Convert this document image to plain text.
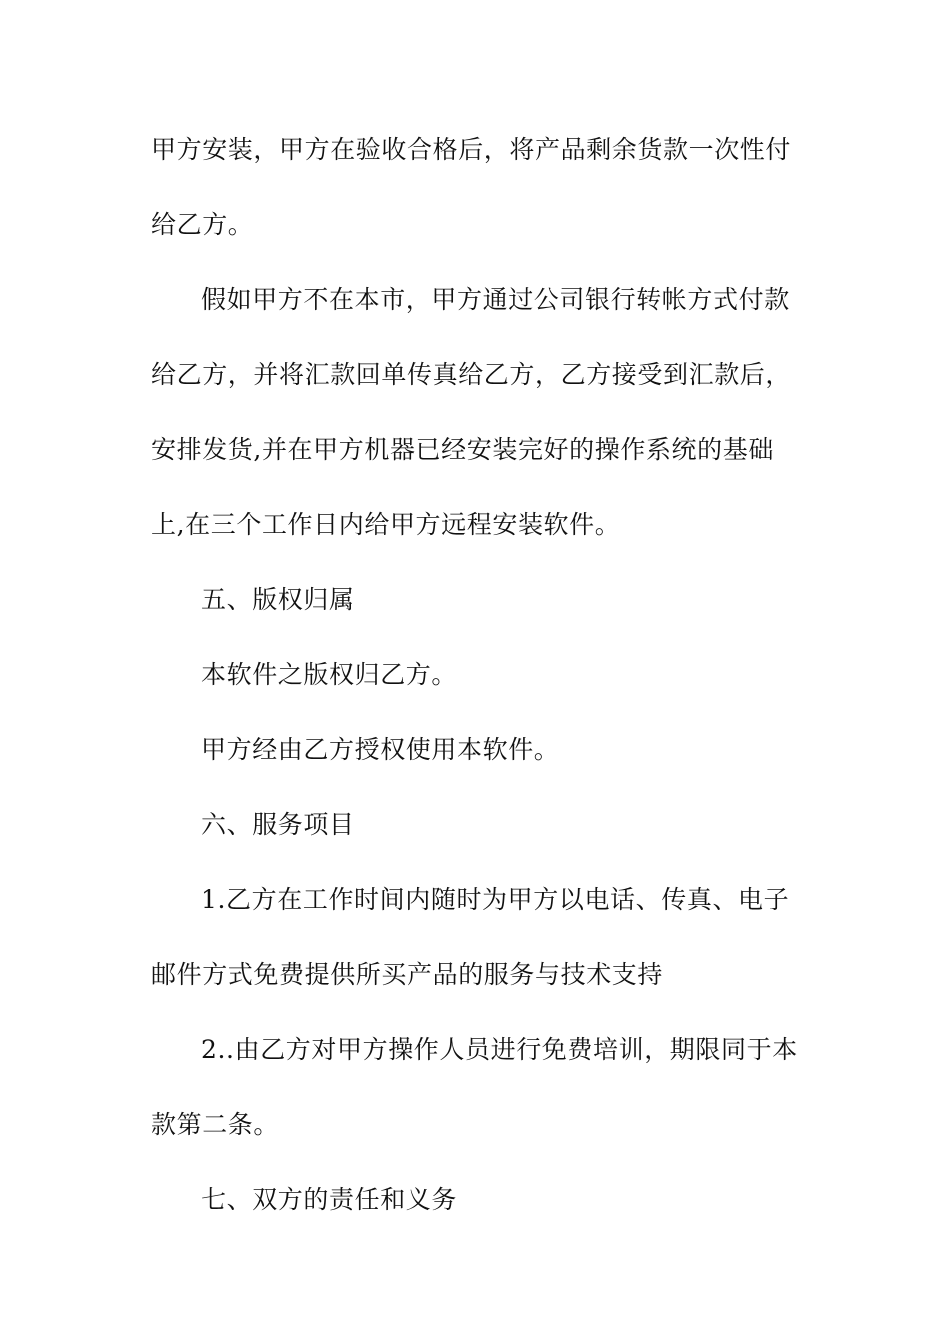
甲方安装，甲方在验收合格后，将产品剩余货款一次性付
给乙方。
假如甲方不在本市，甲方通过公司银行转帐方式付款
给乙方，并将汇款回单传真给乙方，乙方接受到汇款后，
安排发货,并在甲方机器已经安装完好的操作系统的基础
上,在三个工作日内给甲方远程安装软件。
五、版权归属
本软件之版权归乙方。
甲方经由乙方授权使用本软件。
六、服务项目
1.乙方在工作时间内随时为甲方以电话、传真、电子
邮件方式免费提供所买产品的服务与技术支持
2..由乙方对甲方操作人员进行免费培训，期限同于本
款第二条。
七、双方的责任和义务
